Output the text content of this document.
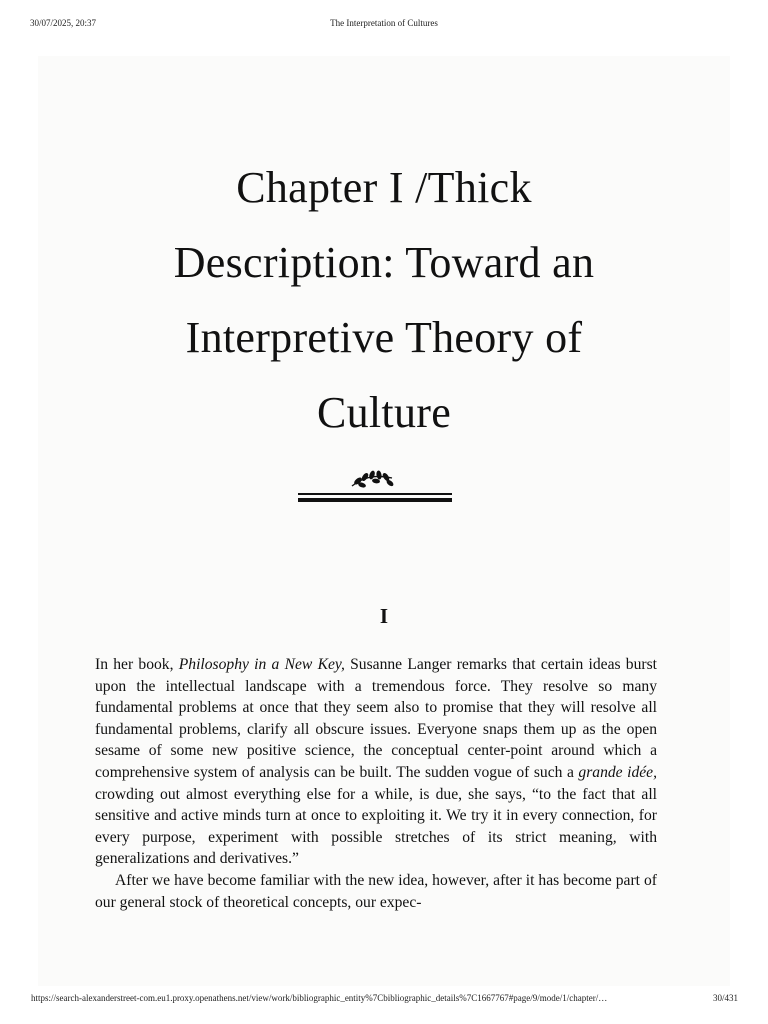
30/07/2025, 20:37	The Interpretation of Cultures
Chapter I /Thick
Description: Toward an
Interpretive Theory of
Culture
I

In her book, Philosophy in a New Key, Susanne Langer remarks that certain ideas burst upon the intellectual landscape with a tremendous force. They resolve so many fundamental problems at once that they seem also to promise that they will resolve all fundamental problems, clarify all obscure issues. Everyone snaps them up as the open sesame of some new positive science, the conceptual center-point around which a comprehensive system of analysis can be built. The sudden vogue of such a grande idée, crowding out almost everything else for a while, is due, she says, “to the fact that all sensitive and active minds turn at once to exploiting it. We try it in every connection, for every purpose, experiment with possible stretches of its strict meaning, with generalizations and derivatives.”

After we have become familiar with the new idea, however, after it has become part of our general stock of theoretical concepts, our expec-

https://search-alexanderstreet-com.eu1.proxy.openathens.net/view/work/bibliographic_entity%7Cbibliographic_details%7C1667767#page/9/mode/1/chapter/…	30/431
